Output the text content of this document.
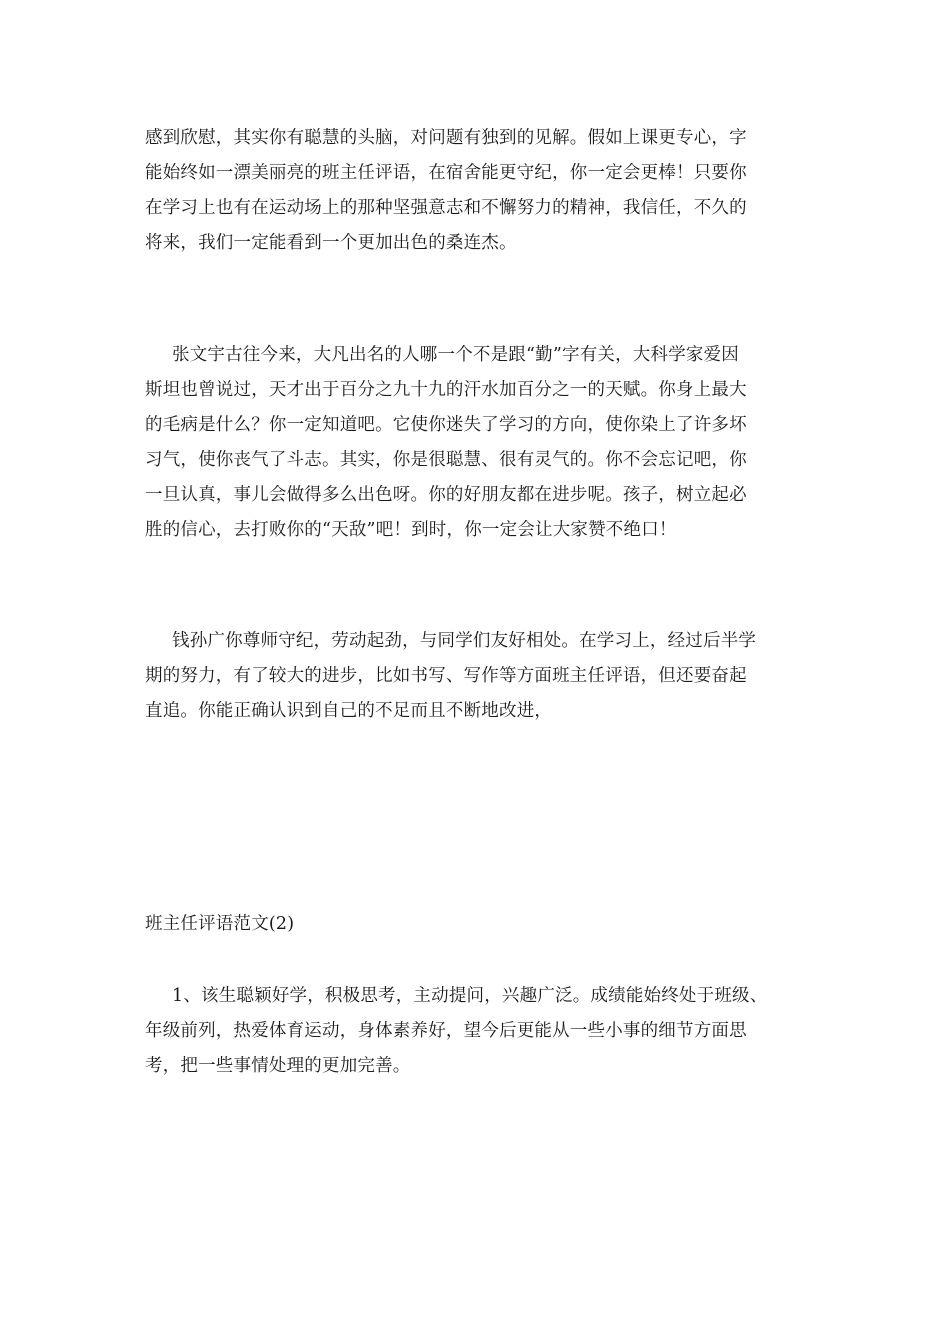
感到欣慰，其实你有聪慧的头脑，对问题有独到的见解。假如上课更专心，字
能始终如一漂美丽亮的班主任评语，在宿舍能更守纪，你一定会更棒！只要你
在学习上也有在运动场上的那种坚强意志和不懈努力的精神，我信任，不久的
将来，我们一定能看到一个更加出色的桑连杰。
张文宇古往今来，大凡出名的人哪一个不是跟“勤”字有关，大科学家爱因
斯坦也曾说过，天才出于百分之九十九的汗水加百分之一的天赋。你身上最大
的毛病是什么？你一定知道吧。它使你迷失了学习的方向，使你染上了许多坏
习气，使你丧气了斗志。其实，你是很聪慧、很有灵气的。你不会忘记吧，你
一旦认真，事儿会做得多么出色呀。你的好朋友都在进步呢。孩子，树立起必
胜的信心，去打败你的“天敌”吧！到时，你一定会让大家赞不绝口！
钱孙广你尊师守纪，劳动起劲，与同学们友好相处。在学习上，经过后半学
期的努力，有了较大的进步，比如书写、写作等方面班主任评语，但还要奋起
直追。你能正确认识到自己的不足而且不断地改进，
班主任评语范文(2)
1、该生聪颖好学，积极思考，主动提问，兴趣广泛。成绩能始终处于班级、
年级前列，热爱体育运动，身体素养好，望今后更能从一些小事的细节方面思
考，把一些事情处理的更加完善。
